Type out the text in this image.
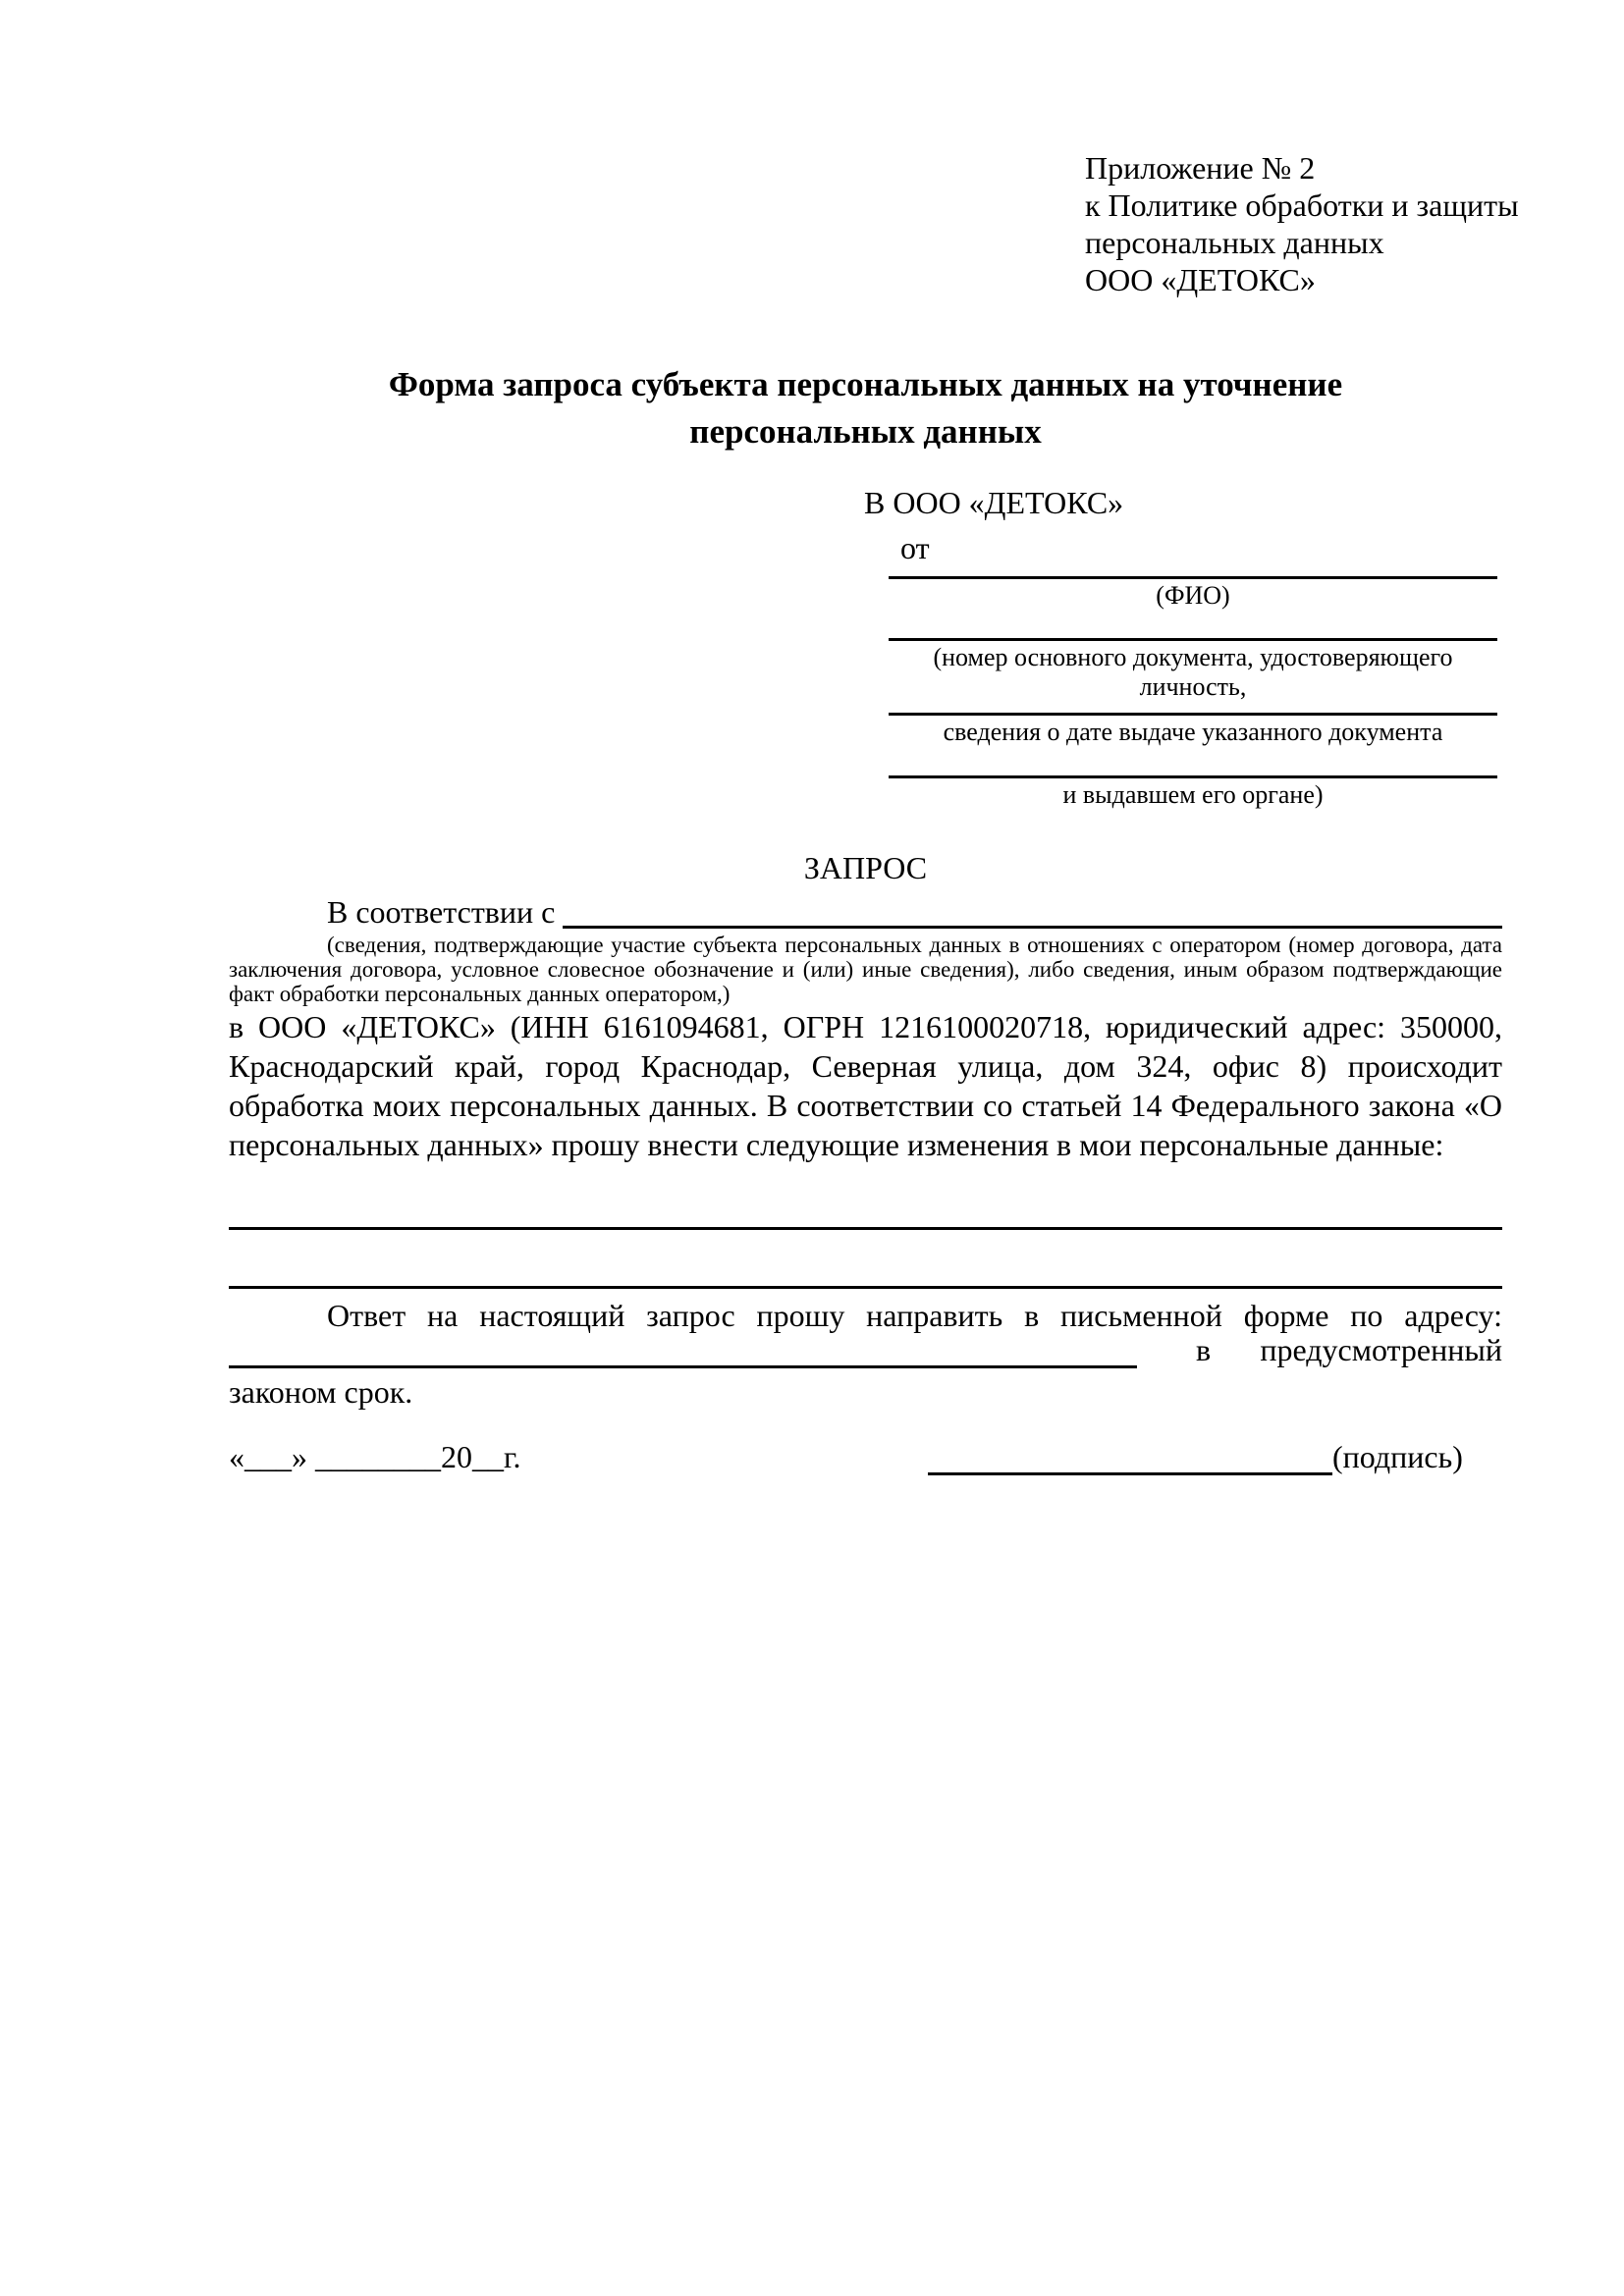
Приложение № 2
к Политике обработки и защиты
персональных данных
ООО «ДЕТОКС»
Форма запроса субъекта персональных данных на уточнение
персональных данных
В ООО «ДЕТОКС»
от
(ФИО)
(номер основного документа, удостоверяющего личность,
сведения о дате выдаче указанного документа
и выдавшем его органе)
ЗАПРОС
В соответствии с
(сведения, подтверждающие участие субъекта персональных данных в отношениях с оператором (номер договора, дата заключения договора, условное словесное обозначение и (или) иные сведения), либо сведения, иным образом подтверждающие факт обработки персональных данных оператором,)
в ООО «ДЕТОКС» (ИНН 6161094681, ОГРН 1216100020718, юридический адрес: 350000, Краснодарский край, город Краснодар, Северная улица, дом 324, офис 8) происходит обработка моих персональных данных. В соответствии со статьей 14 Федерального закона «О персональных данных» прошу внести следующие изменения в мои персональные данные:
Ответ на настоящий запрос прошу направить в письменной форме по адресу:
в предусмотренный
законом срок.
«___» ________20__г.	(подпись)
